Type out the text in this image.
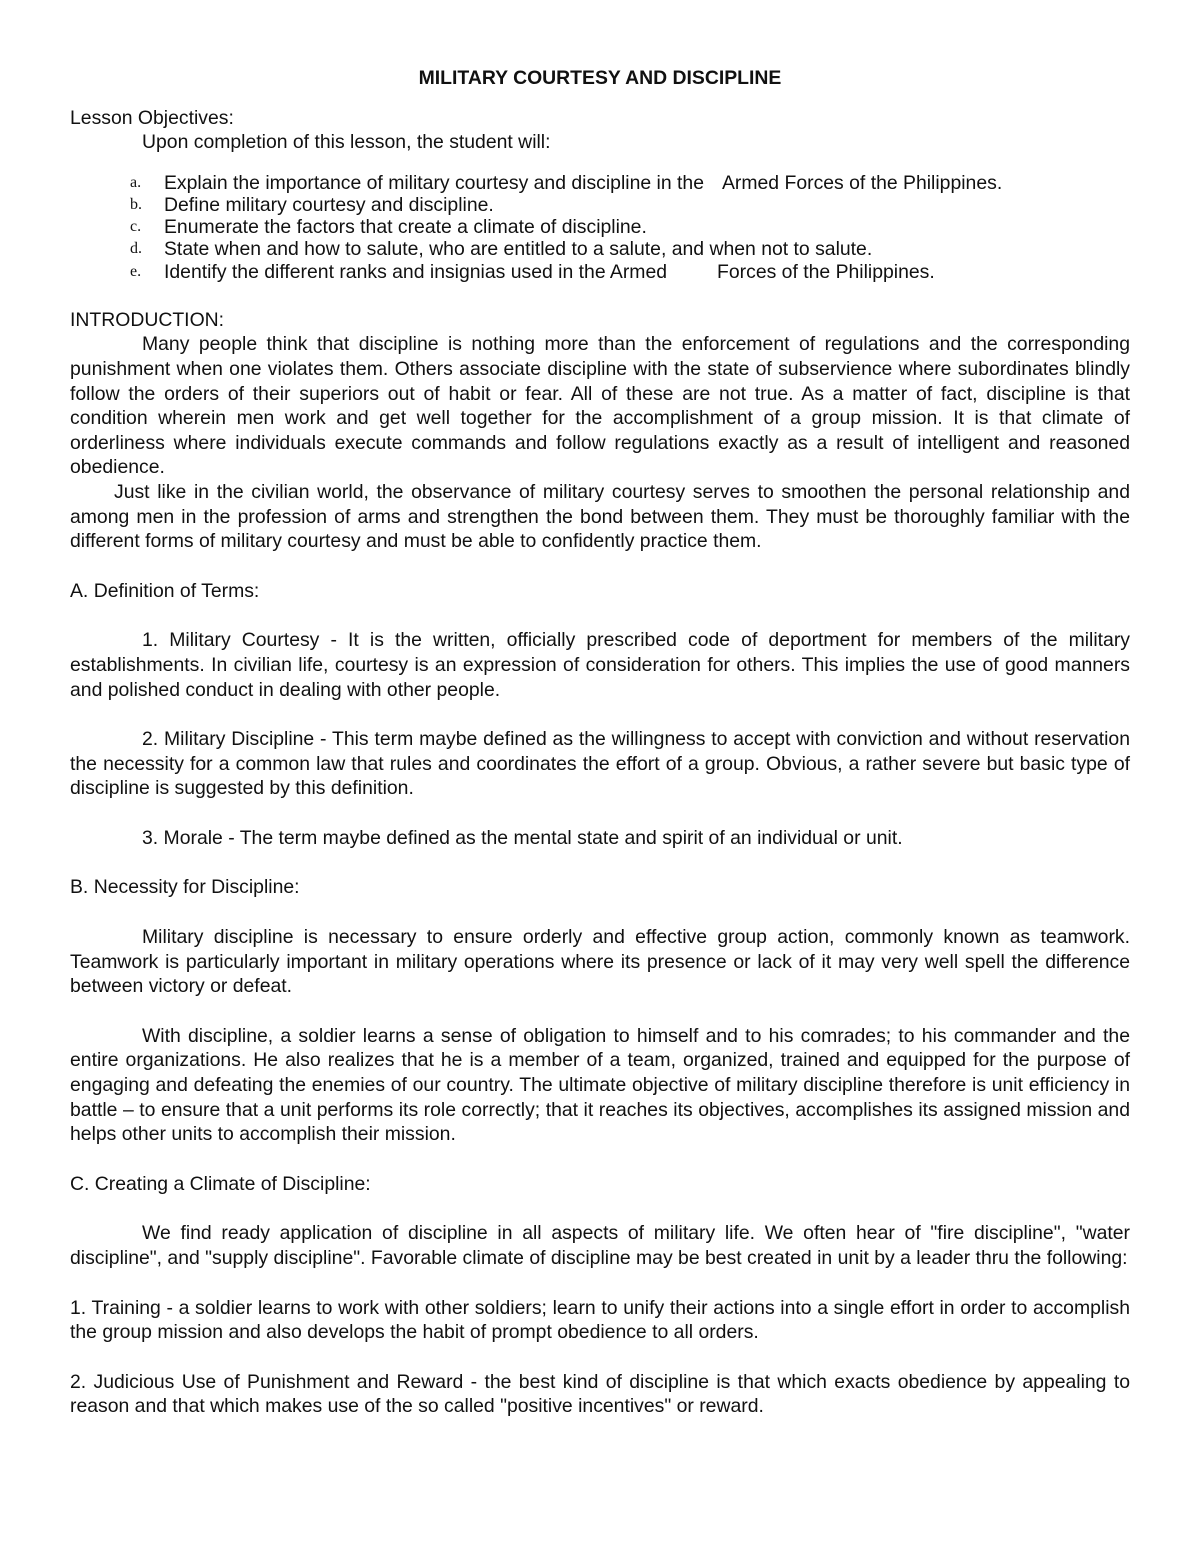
MILITARY COURTESY AND DISCIPLINE

Lesson Objectives:

Upon completion of this lesson, the student will:

a. Explain the importance of military courtesy and discipline in the Armed Forces of the Philippines.
b. Define military courtesy and discipline.
c. Enumerate the factors that create a climate of discipline.
d. State when and how to salute, who are entitled to a salute, and when not to salute.
e. Identify the different ranks and insignias used in the Armed	Forces of the Philippines.

INTRODUCTION:

Many people think that discipline is nothing more than the enforcement of regulations and the corresponding punishment when one violates them. Others associate discipline with the state of subservience where subordinates blindly follow the orders of their superiors out of habit or fear. All of these are not true. As a matter of fact, discipline is that condition wherein men work and get well together for the accomplishment of a group mission. It is that climate of orderliness where individuals execute commands and follow regulations exactly as a result of intelligent and reasoned obedience.

Just like in the civilian world, the observance of military courtesy serves to smoothen the personal relationship and among men in the profession of arms and strengthen the bond between them. They must be thoroughly familiar with the different forms of military courtesy and must be able to confidently practice them.

A. Definition of Terms:

1. Military Courtesy - It is the written, officially prescribed code of deportment for members of the military establishments. In civilian life, courtesy is an expression of consideration for others. This implies the use of good manners and polished conduct in dealing with other people.

2. Military Discipline - This term maybe defined as the willingness to accept with conviction and without reservation the necessity for a common law that rules and coordinates the effort of a group. Obvious, a rather severe but basic type of discipline is suggested by this definition.

3. Morale - The term maybe defined as the mental state and spirit of an individual or unit.

B. Necessity for Discipline:

Military discipline is necessary to ensure orderly and effective group action, commonly known as teamwork. Teamwork is particularly important in military operations where its presence or lack of it may very well spell the difference between victory or defeat.

With discipline, a soldier learns a sense of obligation to himself and to his comrades; to his commander and the entire organizations. He also realizes that he is a member of a team, organized, trained and equipped for the purpose of engaging and defeating the enemies of our country. The ultimate objective of military discipline therefore is unit efficiency in battle – to ensure that a unit performs its role correctly; that it reaches its objectives, accomplishes its assigned mission and helps other units to accomplish their mission.

C. Creating a Climate of Discipline:

We find ready application of discipline in all aspects of military life. We often hear of "fire discipline", "water discipline", and "supply discipline". Favorable climate of discipline may be best created in unit by a leader thru the following:

1. Training - a soldier learns to work with other soldiers; learn to unify their actions into a single effort in order to accomplish the group mission and also develops the habit of prompt obedience to all orders.

2. Judicious Use of Punishment and Reward - the best kind of discipline is that which exacts obedience by appealing to reason and that which makes use of the so called "positive incentives" or reward.
